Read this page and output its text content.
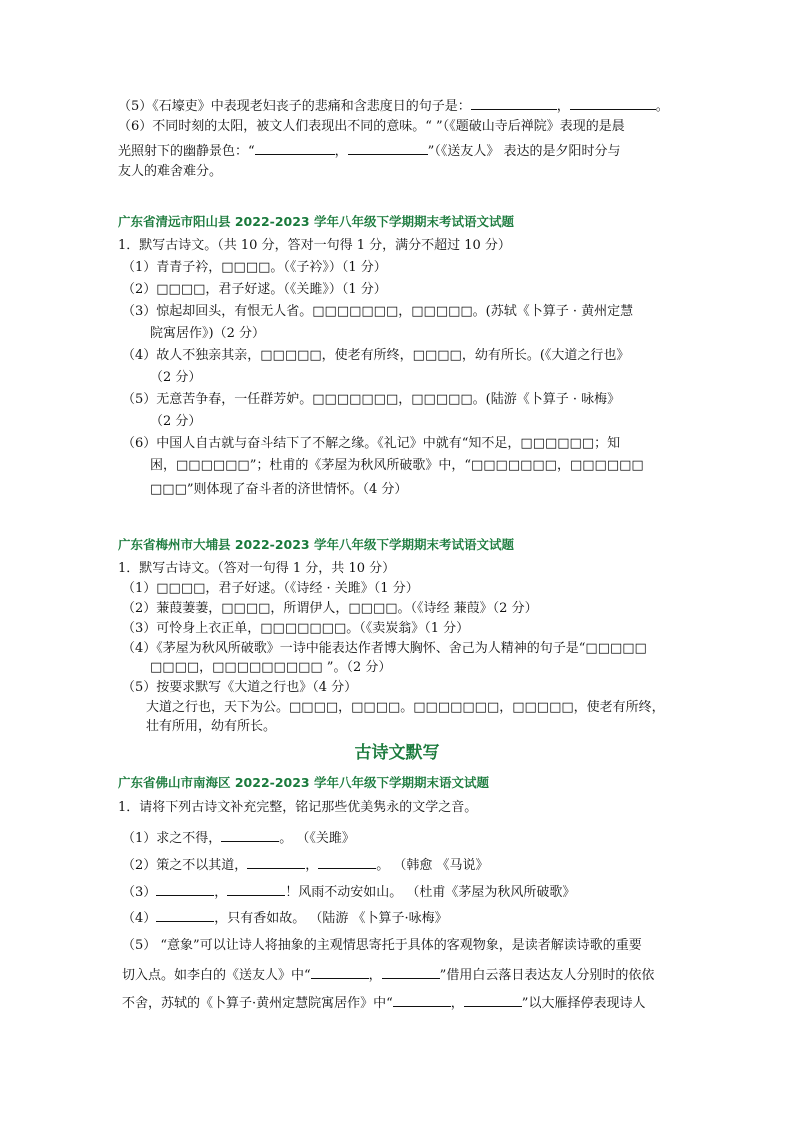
（5）《石壕吏》中表现老妇丧子的悲痛和含悲度日的句子是：	，	。
（6）不同时刻的太阳，被文人们表现出不同的意味。“ ”（《题破山寺后禅院》表现的是晨
光照射下的幽静景色：“	，	”（《送友人》 表达的是夕阳时分与
友人的难舍难分。
广东省清远市阳山县 2022-2023 学年八年级下学期期末考试语文试题
1．默写古诗文。（共 10 分，答对一句得 1 分，满分不超过 10 分）
（1）青青子衿，□□□□。（《子衿》）（1 分）
（2）□□□□，君子好逑。（《关雎》）（1 分）
（3）惊起却回头，有恨无人省。□□□□□□□，□□□□□。(苏轼《卜算子 · 黄州定慧
院寓居作》)（2 分）
（4）故人不独亲其亲，□□□□□，使老有所终，□□□□，幼有所长。(《大道之行也》
（2 分）
（5）无意苦争春，一任群芳妒。□□□□□□□，□□□□□。(陆游《卜算子 · 咏梅》
（2 分）
（6）中国人自古就与奋斗结下了不解之缘。《礼记》中就有“知不足，□□□□□□；知
困，□□□□□□”；杜甫的《茅屋为秋风所破歌》中，“□□□□□□□，□□□□□□
□□□”则体现了奋斗者的济世情怀。（4 分）
广东省梅州市大埔县 2022-2023 学年八年级下学期期末考试语文试题
1．默写古诗文。（答对一句得 1 分，共 10 分）
（1）□□□□，君子好逑。（《诗经 · 关雎》（1 分）
（2）蒹葭萋萋，□□□□，所谓伊人，□□□□。（《诗经 蒹葭》（2 分）
（3）可怜身上衣正单，□□□□□□□。（《卖炭翁》（1 分）
（4）《茅屋为秋风所破歌》一诗中能表达作者博大胸怀、舍己为人精神的句子是“□□□□□
□□□□，□□□□□□□□□ ”。（2 分）
（5）按要求默写《大道之行也》（4 分）
大道之行也，天下为公。□□□□，□□□□。□□□□□□□，□□□□□，使老有所终，
壮有所用，幼有所长。
古诗文默写
广东省佛山市南海区 2022-2023 学年八年级下学期期末语文试题
1．请将下列古诗文补充完整，铭记那些优美隽永的文学之音。
（1）求之不得，	。 （《关雎》
（2）策之不以其道，	，	。 （韩愈 《马说》
（3）	，	！风雨不动安如山。 （杜甫《茅屋为秋风所破歌》
（4）	，只有香如故。 （陆游 《卜算子·咏梅》
（5） “意象”可以让诗人将抽象的主观情思寄托于具体的客观物象，是读者解读诗歌的重要
切入点。如李白的《送友人》中“	，	”借用白云落日表达友人分别时的依依
不舍，苏轼的《卜算子·黄州定慧院寓居作》中“	，	”以大雁择停表现诗人
